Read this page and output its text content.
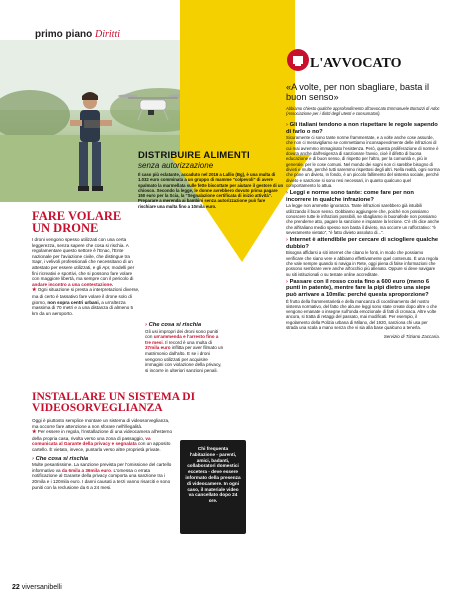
primo piano Diritti
DISTRIBUIRE ALIMENTI
senza autorizzazione

Il caso più eclatante, accaduto nel 2016 a Lallio (Bg), è una multa di 1.032 euro comminata a un gruppo di mamme "colpevoli" di avere spalmato la marmellata sulle fette biscottate per aiutare il gestore di un chiosco. Secondo la legge, le donne avrebbero dovuto prima pagare 150 euro per la Scia, la "Segnalazione certificata di inizio attività". Preparare a merenda ai bambini senza autorizzazione può fare rischiare una multa fino a 10mila euro.

› Che cosa si rischia

Gli usi impropri dei droni sono puniti con un'ammenda e l'arresto fino a tre mesi. Il record è una multa di 37mila euro inflitta per aver filmato un matrimonio dall'alto. E se i droni vengono utilizzati per acquisire immagini con violazione della privacy, si incorre in ulteriori sanzioni penali.

FARE VOLARE UN DRONE

I droni vengono spesso utilizzati con una certa leggerezza, senza sapere che cosa si rischia. A regolamentare questo settore è l'Enac, l'Ente nazionale per l'aviazione civile, che distingue tra Sapr, i velivoli professionali che necessitano di un attestato per essere utilizzati, e gli Apr, modelli per fini ricreativi e sportivi, che si possono fare volare con maggiore libertà, ma sempre con il pericolo di andare incontro a una contestazione.
★ Ogni situazione si presta a interpretazioni diverse, ma di certo è tassativo fare volare il drone solo di giorno, non sopra centri urbani, a un'altezza massima di 70 metri e a una distanza di almeno 5 km da un aeroporto.

INSTALLARE UN SISTEMA DI VIDEOSORVEGLIANZA

Oggi è piuttosto semplice montare un sistema di videosorveglianza, ma occorre fare attenzione a non sforare nell'illegalità.

★ Per essere in regola, l'installazione di una videocamera all'esterno della propria casa, rivolta verso una zona di passaggio, va comunicata al Garante della privacy e segnalata con un apposito cartello. È vietato, invece, puntarla verso altre proprietà private.

› Che cosa si rischia

Multe pesantissime. La sanzione prevista per l'omissione del cartello informativo va da 6mila a 36mila euro. L'omessa o errata notificazione al Garante della privacy comporta una sanzione tra i 20mila e i 120mila euro. I danni causati a terzi vanno risarciti e sono puniti con la reclusione da 6 a 24 mesi.

Chi frequenta l'abitazione - parenti, amici, badanti, collaboratori domestici eccetera - deve essere informato della presenza di videocamere. In ogni caso, il materiale video va cancellato dopo 24 ore.

L'AVVOCATO
«A volte, per non sbagliare, basta il buon senso»
Abbiamo chiesto qualche approfondimento all'avvocato Emmanuele Bortuzzi di Adoc (Associazione per i diritti degli utenti e consumatori).
› Gli italiani tendono a non rispettare le regole sapendo di farlo o no?

Sicuramente ci sono tante norme frammentate, e a volte anche cose assurde, che non ci meravigliamo se commettiamo inconsapevolmente delle infrazioni di cui mai avremmo immaginato l'esistenza. Però, questa proliferazione di norme è dovuta anche dall'esigenza di sanzionare l'avvio, cioè il difetto di buona educazione e di buon senso, di rispetto per l'altro, per la comunità e, più in generale, per le cose comuni. Nel mondo dei sogni non ci sarebbe bisogno di divieti e multe, perché tutti saremmo rispettosi degli altri. Nella realtà, ogni norma che pone un divieto, in fondo, è un piccolo fallimento del sistema sociale, perché divieto e sanzione si sono resi necessari, in quanto qualcuno quel comportamento lo attua.

› Leggi e norme sono tante: come fare per non incorrere in qualche infrazione?

La legge non ammette ignoranza. Tante infrazioni sarebbero già intuibili utilizzando il buon senso. Dobbiamo aggiungere che, poiché non possiamo conoscere tutte le infrazioni possibili, se sbagliamo in buonafede non possiamo che prenderne atto, pagare la sanzione e imparare la lezione. C'è chi dice anche che all'italiano medio spesso non basta il divieto, ma occorre un rafforzativo: "è severamente vietato", "è fatto divieto assoluto di...".

› Internet è attendibile per cercare di sciogliere qualche dubbio?

Bisogna affidarsi a siti internet che citano le fonti, in modo che possiamo verificare che siano vere e abbiamo effettivamente quel contenuto. È una regola che vale sempre quando si naviga in Rete, oggi piena di false informazioni che possono sembrare vere anche all'occhio più allenato. Oppure si deve navigare su siti istituzionali o su testate online accreditate.

› Passare con il rosso costa fino a 600 euro (meno 6 punti in patente), mentre fare la pipì dietro una siepe può arrivare a 10mila: perché questa sproporzione?

È frutto della frammentarietà e della mancanza di coordinamento del nostro sistema normativo, del fatto che alcune leggi sono state create dopo altre o che vengono emanate o insegne sull'onda emozionale di fatti di cronaca. Altre volte ancora, si tratta di retaggi del passato, mai modificati. Per esempio, il regolamento della Polizia urbana di Milano, del 1920, sanziona chi usa per strada una scala a mano senza che vi sia alla base qualcuno a tenerla.

Servizio di Tiziano Zaccaria.
22 viversanibelli
